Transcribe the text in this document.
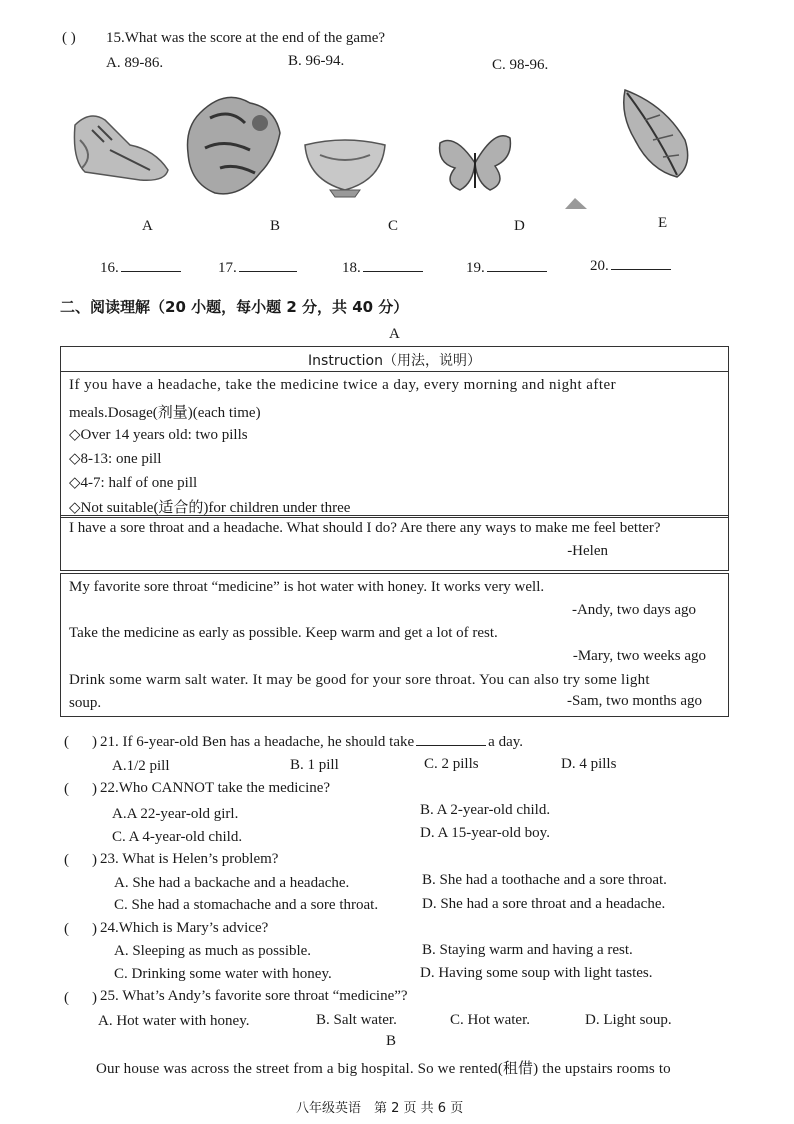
( ) 15.What was the score at the end of the game?
A. 89-86.	B. 96-94.	C. 98-96.
A	B	C	D	E
16.	17.	18.	19.	20.
二、阅读理解（20 小题，每小题 2 分，共 40 分）
A
Instruction（用法，说明）
If you have a headache, take the medicine twice a day, every morning and night after
meals.Dosage(剂量)(each time)
◇Over 14 years old: two pills
◇8-13: one pill
◇4-7: half of one pill
◇Not suitable(适合的)for children under three
I have a sore throat and a headache. What should I do? Are there any ways to make me feel better?
-Helen
My favorite sore throat “medicine” is hot water with honey. It works very well.
-Andy, two days ago
Take the medicine as early as possible. Keep warm and get a lot of rest.
-Mary, two weeks ago
Drink some warm salt water. It may be good for your sore throat. You can also try some light
soup.	-Sam, two months ago
( ) 21. If 6-year-old Ben has a headache, he should take	a day.
A.1/2 pill	B. 1 pill	C. 2 pills	D. 4 pills
( ) 22.Who CANNOT take the medicine?
A.A 22-year-old girl.	B. A 2-year-old child.
C. A 4-year-old child.	D. A 15-year-old boy.
( ) 23. What is Helen’s problem?
A. She had a backache and a headache.	B. She had a toothache and a sore throat.
C. She had a stomachache and a sore throat.	D. She had a sore throat and a headache.
( ) 24.Which is Mary’s advice?
A. Sleeping as much as possible.	B. Staying warm and having a rest.
C. Drinking some water with honey.	D. Having some soup with light tastes.
( ) 25. What’s Andy’s favorite sore throat “medicine”?
A. Hot water with honey.	B. Salt water.	C. Hot water.	D. Light soup.
B
Our house was across the street from a big hospital. So we rented(租借) the upstairs rooms to
八年级英语　第 2 页 共 6 页
